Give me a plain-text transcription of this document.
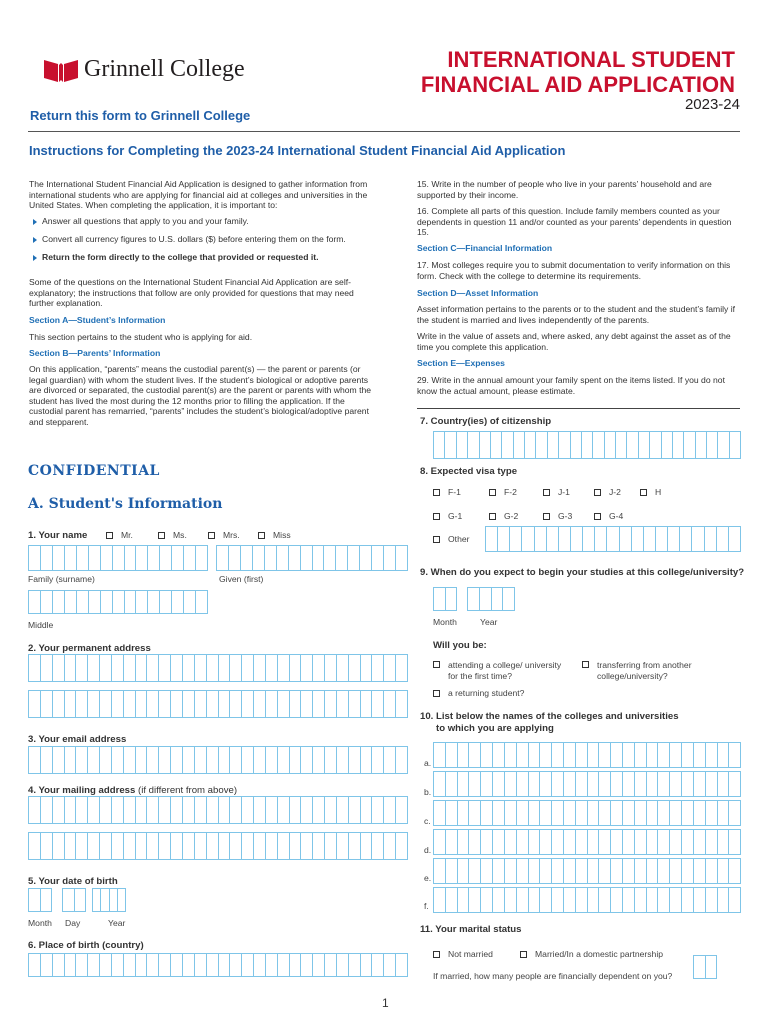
Grinnell College	INTERNATIONAL STUDENT
FINANCIAL AID APPLICATION
2023-24
Return this form to Grinnell College
Instructions for Completing the 2023-24 International Student Financial Aid Application
The International Student Financial Aid Application is designed to gather information from international students who are applying for financial aid at colleges and universities in the United States. When completing the application, it is important to:
Answer all questions that apply to you and your family.
Convert all currency figures to U.S. dollars ($) before entering them on the form.
Return the form directly to the college that provided or requested it.
Some of the questions on the International Student Financial Aid Application are self-explanatory; the instructions that follow are only provided for questions that may need further explanation.
Section A—Student’s Information
This section pertains to the student who is applying for aid.
Section B—Parents’ Information
On this application, “parents” means the custodial parent(s) — the parent or parents (or legal guardian) with whom the student lives. If the student’s biological or adoptive parents are divorced or separated, the custodial parent(s) are the parent or parents with whom the student has lived the most during the 12 months prior to filling the application. If the custodial parent has remarried, “parents” includes the student’s biological/adoptive parent and stepparent.
15. Write in the number of people who live in your parents’ household and are supported by their income.
16. Complete all parts of this question. Include family members counted as your dependents in question 11 and/or counted as your parents’ dependents in question 15.
Section C—Financial Information
17. Most colleges require you to submit documentation to verify information on this form. Check with the college to determine its requirements.
Section D—Asset Information
Asset information pertains to the parents or to the student and the student’s family if the student is married and lives independently of the parents.
Write in the value of assets and, where asked, any debt against the asset as of the time you complete this application.
Section E—Expenses
29. Write in the annual amount your family spent on the items listed. If you do not know the actual amount, please estimate.
CONFIDENTIAL
A. Student's Information
1. Your name	Mr.	Ms.	Mrs.	Miss
Family (surname)	Given (first)
Middle
2. Your permanent address
3. Your email address
4. Your mailing address (if different from above)
5. Your date of birth
Month Day	Year
6. Place of birth (country)
7. Country(ies) of citizenship
8. Expected visa type
F-1	F-2	J-1	J-2	H
G-1	G-2	G-3	G-4
Other
9. When do you expect to begin your studies at this college/university?
Month	Year
Will you be:
attending a college/ university for the first time?
transferring from another college/university?
a returning student?
10. List below the names of the colleges and universities
to which you are applying
a.
b.
c.
d.
e.
f.
11. Your marital status
Not married	Married/In a domestic partnership
If married, how many people are financially dependent on you?
1
